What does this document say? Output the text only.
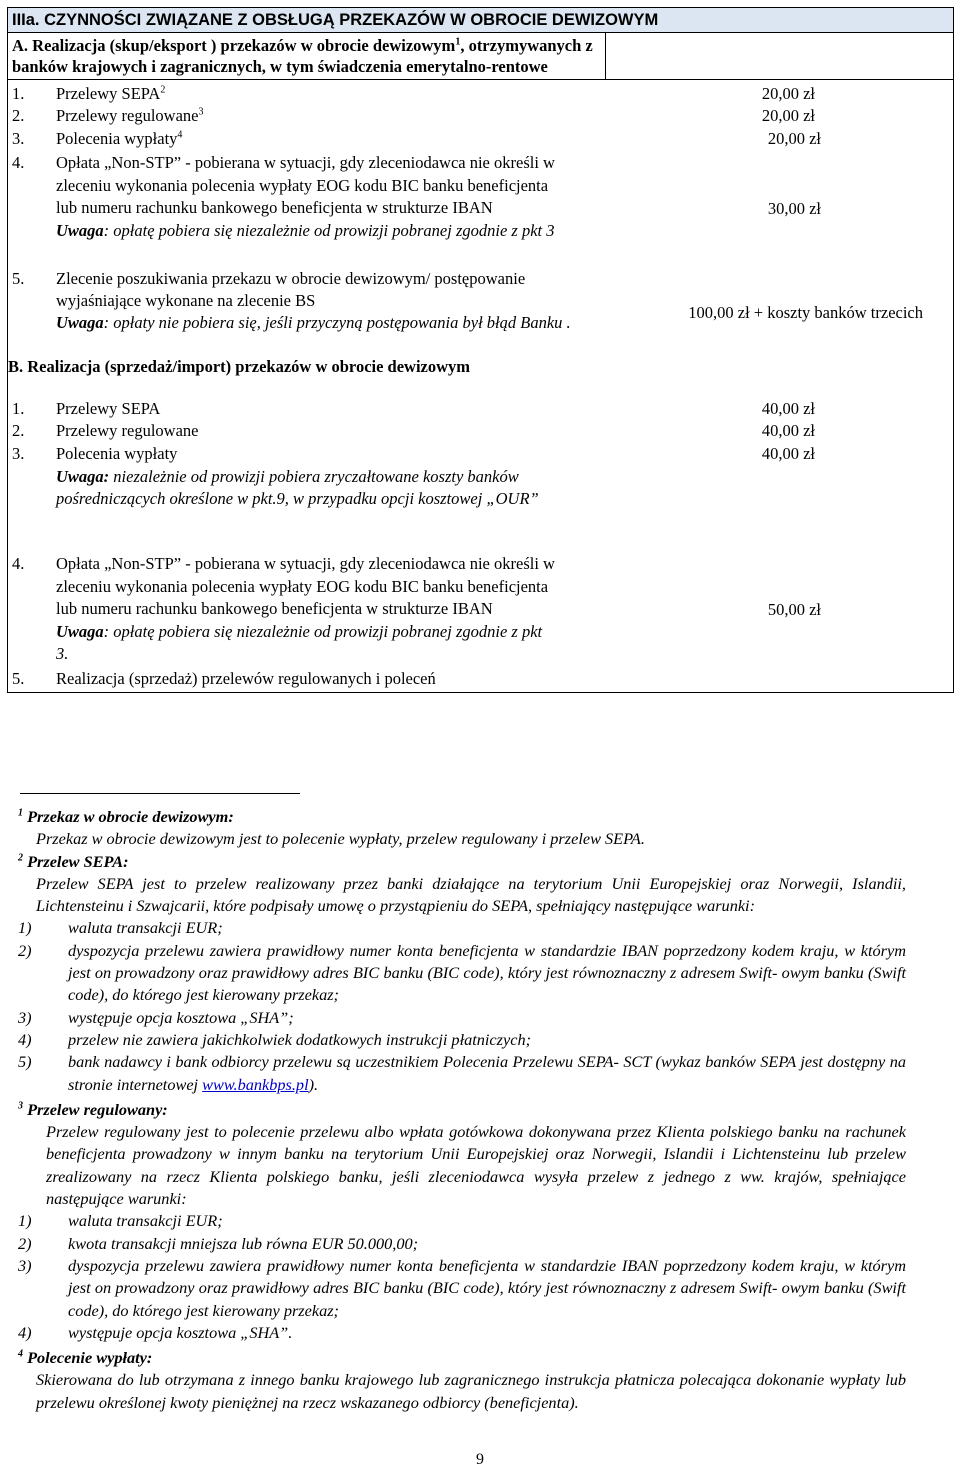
IIIa. CZYNNOŚCI ZWIĄZANE Z OBSŁUGĄ PRZEKAZÓW W OBROCIE DEWIZOWYM
A. Realizacja (skup/eksport ) przekazów w obrocie dewizowym$^1$, otrzymywanych z banków krajowych i zagranicznych, w tym świadczenia emerytalno-rentowe	

1.	Przelewy SEPA$^2$	20,00 zł
2.	Przelewy regulowane$^3$	20,00 zł
3.	Polecenia wypłaty$^4$	20,00 zł
4.	Opłata „Non-STP” - pobierana w sytuacji, gdy zleceniodawca nie określi w zleceniu wykonania polecenia wypłaty EOG kodu BIC banku beneficjenta lub numeru rachunku bankowego beneficjenta w strukturze IBAN
Uwaga: opłatę pobiera się niezależnie od prowizji pobranej zgodnie z pkt 3
30,00 zł
5.	Zlecenie poszukiwania przekazu w obrocie dewizowym/ postępowanie wyjaśniające wykonane na zlecenie BS
Uwaga: opłaty nie pobiera się, jeśli przyczyną postępowania był błąd Banku .
100,00 zł + koszty banków trzecich
B. Realizacja (sprzedaż/import) przekazów w obrocie dewizowym
1.	Przelewy SEPA	40,00 zł
2.	Przelewy regulowane	40,00 zł
3.	Polecenia wypłaty
Uwaga: niezależnie od prowizji pobiera zryczałtowane koszty banków pośredniczących określone w pkt.9, w przypadku opcji kosztowej „OUR”
40,00 zł
4.	Opłata „Non-STP” - pobierana w sytuacji, gdy zleceniodawca nie określi w zleceniu wykonania polecenia wypłaty EOG kodu BIC banku beneficjenta lub numeru rachunku bankowego beneficjenta w strukturze IBAN
Uwaga: opłatę pobiera się niezależnie od prowizji pobranej zgodnie z pkt 3.
50,00 zł
5.	Realizacja (sprzedaż) przelewów regulowanych i poleceń
$^1$ Przekaz w obrocie dewizowym:
Przekaz w obrocie dewizowym jest to polecenie wypłaty, przelew regulowany i przelew SEPA.
$^2$ Przelew SEPA:
Przelew SEPA jest to przelew realizowany przez banki działające na terytorium Unii Europejskiej oraz Norwegii, Islandii, Lichtensteinu i Szwajcarii, które podpisały umowę o przystąpieniu do SEPA, spełniający następujące warunki:
1)	waluta transakcji EUR;
2)	dyspozycja przelewu zawiera prawidłowy numer konta beneficjenta w standardzie IBAN poprzedzony kodem kraju, w którym jest on prowadzony oraz prawidłowy adres BIC banku (BIC code), który jest równoznaczny z adresem Swift- owym banku (Swift code), do którego jest kierowany przekaz;
3)	występuje opcja kosztowa „SHA”;
4)	przelew nie zawiera jakichkolwiek dodatkowych instrukcji płatniczych;
5)	bank nadawcy i bank odbiorcy przelewu są uczestnikiem Polecenia Przelewu SEPA- SCT (wykaz banków SEPA jest dostępny na stronie internetowej www.bankbps.pl).
$^3$ Przelew regulowany:
Przelew regulowany jest to polecenie przelewu albo wpłata gotówkowa dokonywana przez Klienta polskiego banku na rachunek beneficjenta prowadzony w innym banku na terytorium Unii Europejskiej oraz Norwegii, Islandii i Lichtensteinu lub przelew zrealizowany na rzecz Klienta polskiego banku, jeśli zleceniodawca wysyła przelew z jednego z ww. krajów, spełniające następujące warunki:
1)	waluta transakcji EUR;
2)	kwota transakcji mniejsza lub równa EUR 50.000,00;
3)	dyspozycja przelewu zawiera prawidłowy numer konta beneficjenta w standardzie IBAN poprzedzony kodem kraju, w którym jest on prowadzony oraz prawidłowy adres BIC banku (BIC code), który jest równoznaczny z adresem Swift- owym banku (Swift code), do którego jest kierowany przekaz;
4)	występuje opcja kosztowa „SHA”.
$^4$ Polecenie wypłaty:
Skierowana do lub otrzymana z innego banku krajowego lub zagranicznego instrukcja płatnicza polecająca dokonanie wypłaty lub przelewu określonej kwoty pieniężnej na rzecz wskazanego odbiorcy (beneficjenta).
9
